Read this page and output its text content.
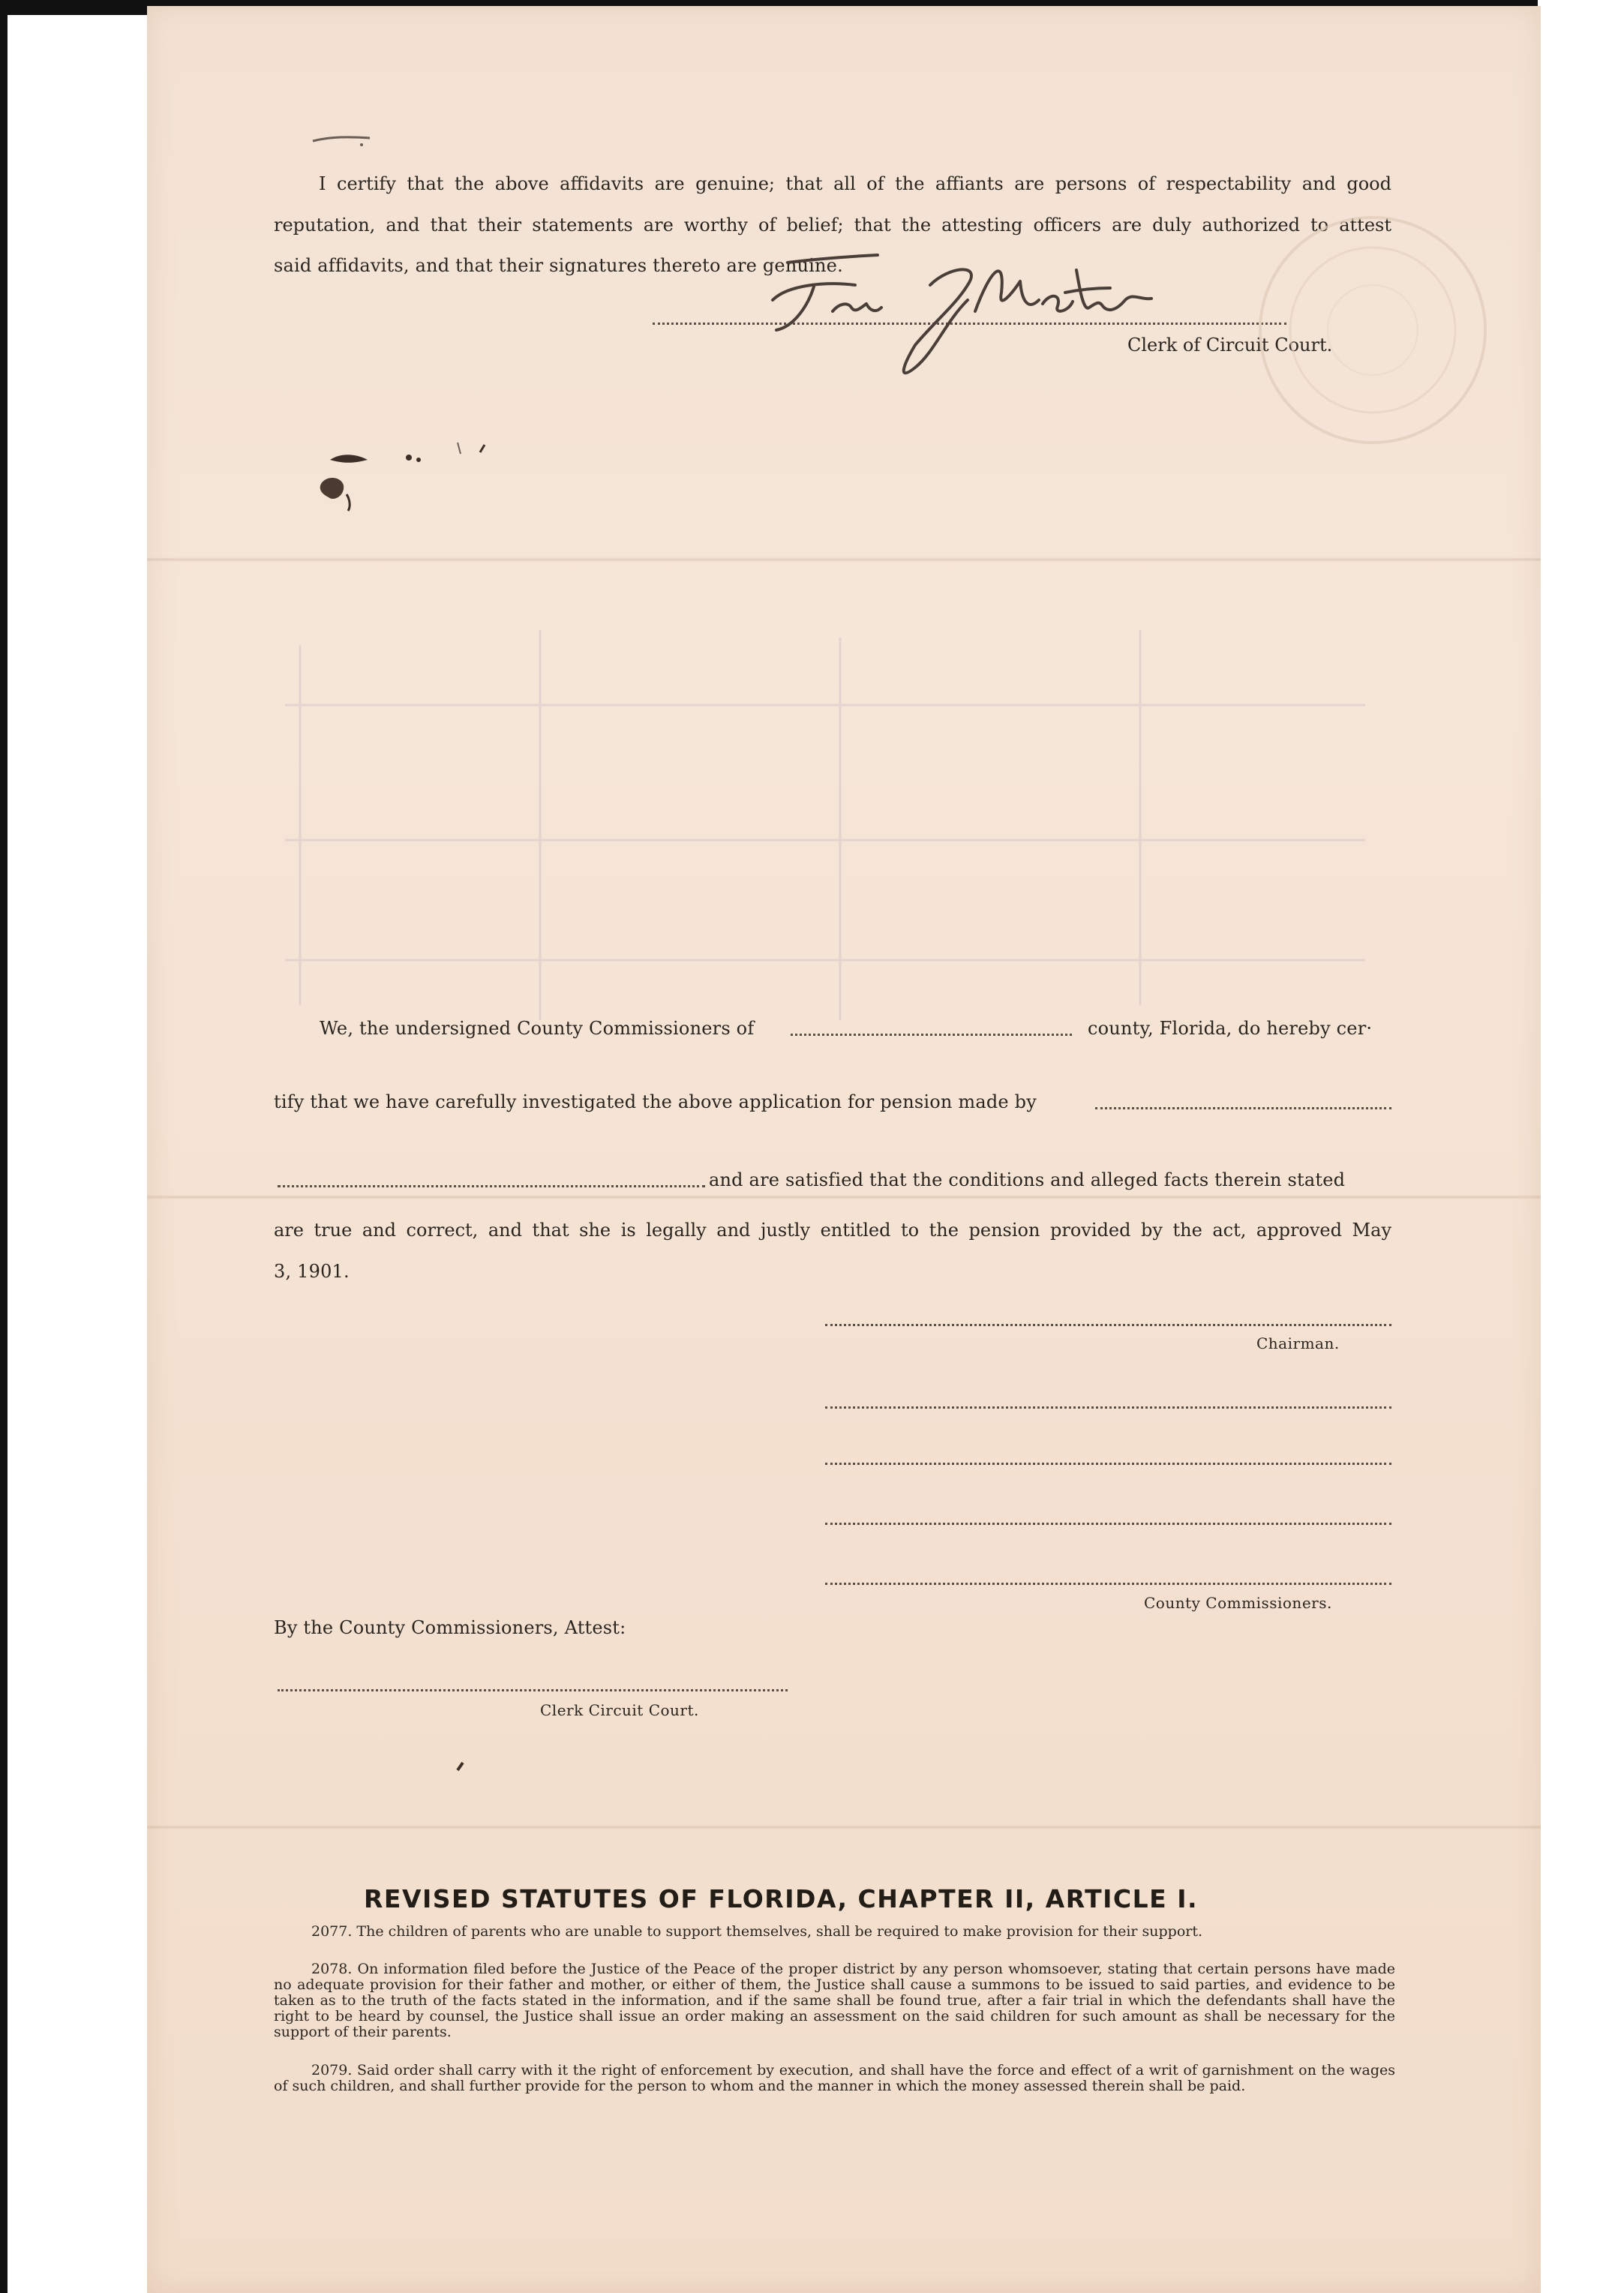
I certify that the above affidavits are genuine; that all of the affiants are persons of respectability and good
reputation, and that their statements are worthy of belief; that the attesting officers are duly authorized to attest
said affidavits, and that their signatures thereto are genuine.
Clerk of Circuit Court.
We, the undersigned County Commissioners of	county, Florida, do hereby cer·
tify that we have carefully investigated the above application for pension made by
and are satisfied that the conditions and alleged facts therein stated
are true and correct, and that she is legally and justly entitled to the pension provided by the act, approved May
3, 1901.
Chairman.
County Commissioners.
By the County Commissioners, Attest:
Clerk Circuit Court.
REVISED STATUTES OF FLORIDA, CHAPTER II, ARTICLE I.
2077. The children of parents who are unable to support themselves, shall be required to make provision for their support.
2078. On information filed before the Justice of the Peace of the proper district by any person whomsoever, stating that certain persons have made no adequate provision for their father and mother, or either of them, the Justice shall cause a summons to be issued to said parties, and evidence to be taken as to the truth of the facts stated in the information, and if the same shall be found true, after a fair trial in which the defendants shall have the right to be heard by counsel, the Justice shall issue an order making an assessment on the said children for such amount as shall be necessary for the support of their parents.
2079. Said order shall carry with it the right of enforcement by execution, and shall have the force and effect of a writ of garnishment on the wages of such children, and shall further provide for the person to whom and the manner in which the money assessed therein shall be paid.
